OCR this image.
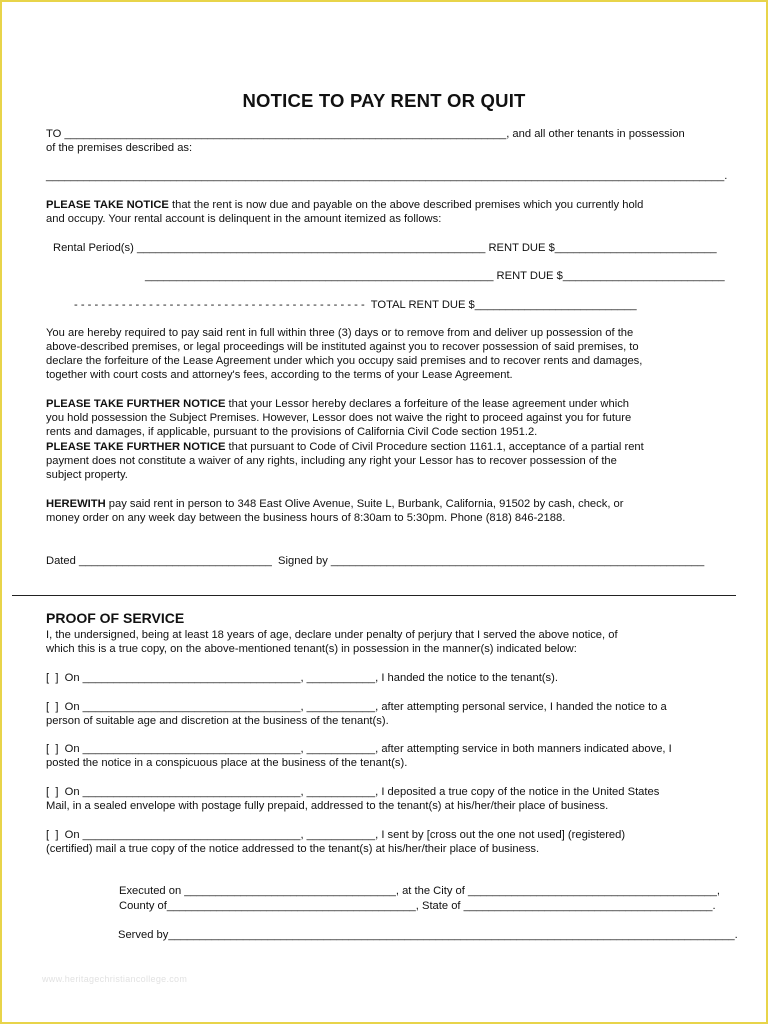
NOTICE TO PAY RENT OR QUIT
TO _______________________________________________________________________, and all other tenants in possession
of the premises described as:
_____________________________________________________________________________________________________________.
PLEASE TAKE NOTICE that the rent is now due and payable on the above described premises which you currently hold
and occupy. Your rental account is delinquent in the amount itemized as follows:
Rental Period(s) ________________________________________________________ RENT DUE $__________________________
________________________________________________________ RENT DUE $__________________________
- - - - - - - - - - - - - - - - - - - - - - - - - - - - - - - - - - - - - - - - - - -  TOTAL RENT DUE $__________________________
You are hereby required to pay said rent in full within three (3) days or to remove from and deliver up possession of the
above-described premises, or legal proceedings will be instituted against you to recover possession of said premises, to
declare the forfeiture of the Lease Agreement under which you occupy said premises and to recover rents and damages,
together with court costs and attorney's fees, according to the terms of your Lease Agreement.
PLEASE TAKE FURTHER NOTICE that your Lessor hereby declares a forfeiture of the lease agreement under which
you hold possession the Subject Premises. However, Lessor does not waive the right to proceed against you for future
rents and damages, if applicable, pursuant to the provisions of California Civil Code section 1951.2.
PLEASE TAKE FURTHER NOTICE that pursuant to Code of Civil Procedure section 1161.1, acceptance of a partial rent
payment does not constitute a waiver of any rights, including any right your Lessor has to recover possession of the
subject property.
HEREWITH pay said rent in person to 348 East Olive Avenue, Suite L, Burbank, California, 91502 by cash, check, or
money order on any week day between the business hours of 8:30am to 5:30pm. Phone (818) 846-2188.
Dated _______________________________  Signed by ____________________________________________________________
PROOF OF SERVICE
I, the undersigned, being at least 18 years of age, declare under penalty of perjury that I served the above notice, of
which this is a true copy, on the above-mentioned tenant(s) in possession in the manner(s) indicated below:
[  ]  On ___________________________________, ___________, I handed the notice to the tenant(s).
[  ]  On ___________________________________, ___________, after attempting personal service, I handed the notice to a
person of suitable age and discretion at the business of the tenant(s).
[  ]  On ___________________________________, ___________, after attempting service in both manners indicated above, I
posted the notice in a conspicuous place at the business of the tenant(s).
[  ]  On ___________________________________, ___________, I deposited a true copy of the notice in the United States
Mail, in a sealed envelope with postage fully prepaid, addressed to the tenant(s) at his/her/their place of business.
[  ]  On ___________________________________, ___________, I sent by [cross out the one not used] (registered)
(certified) mail a true copy of the notice addressed to the tenant(s) at his/her/their place of business.
Executed on __________________________________, at the City of ________________________________________,
County of________________________________________, State of ________________________________________.
Served by___________________________________________________________________________________________.
www.heritagechristiancollege.com
